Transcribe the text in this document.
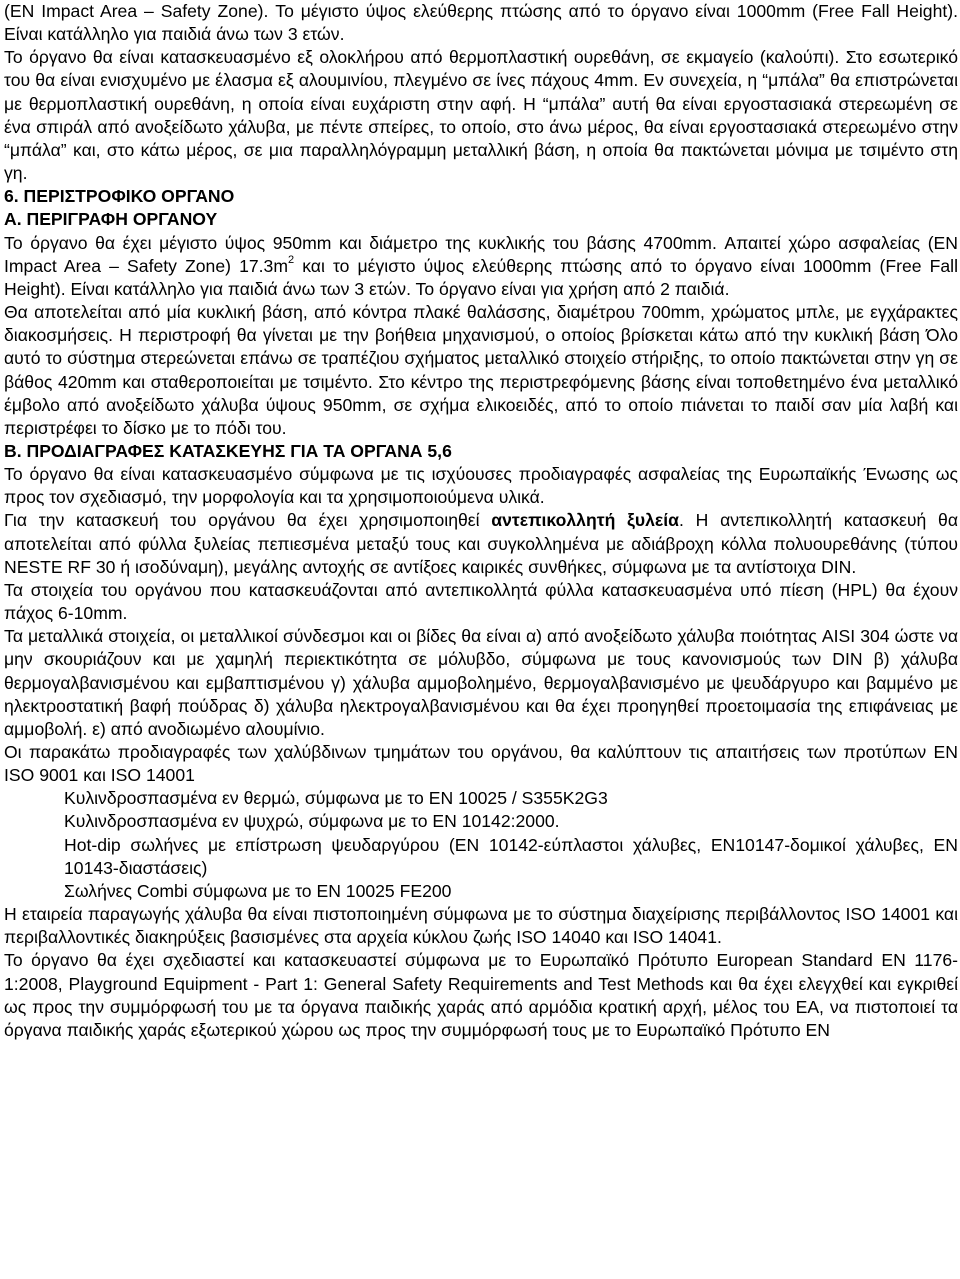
(EN Impact Area – Safety Zone). Το μέγιστο ύψος ελεύθερης πτώσης από το όργανο είναι 1000mm (Free Fall Height). Είναι κατάλληλο για παιδιά άνω των 3 ετών.

Το όργανο θα είναι κατασκευασμένο εξ ολοκλήρου από θερμοπλαστική ουρεθάνη, σε εκμαγείο (καλούπι). Στο εσωτερικό του θα είναι ενισχυμένο με έλασμα εξ αλουμινίου, πλεγμένο σε ίνες πάχους 4mm. Εν συνεχεία, η “μπάλα” θα επιστρώνεται με θερμοπλαστική ουρεθάνη, η οποία είναι ευχάριστη στην αφή. Η “μπάλα” αυτή θα είναι εργοστασιακά στερεωμένη σε ένα σπιράλ από ανοξείδωτο χάλυβα, με πέντε σπείρες, το οποίο, στο άνω μέρος, θα είναι εργοστασιακά στερεωμένο στην “μπάλα” και, στο κάτω μέρος, σε μια παραλληλόγραμμη μεταλλική βάση, η οποία θα πακτώνεται μόνιμα με τσιμέντο στη γη.

6. ΠΕΡΙΣΤΡΟΦΙΚΟ ΟΡΓΑΝΟ

Α. ΠΕΡΙΓΡΑΦΗ ΟΡΓΑΝΟΥ

Το όργανο θα έχει μέγιστο ύψος 950mm και διάμετρο της κυκλικής του βάσης 4700mm. Απαιτεί χώρο ασφαλείας (EN Impact Area – Safety Zone) $17.3m^2$ και το μέγιστο ύψος ελεύθερης πτώσης από το όργανο είναι 1000mm (Free Fall Height). Είναι κατάλληλο για παιδιά άνω των 3 ετών. Το όργανο είναι για χρήση από 2 παιδιά.

Θα αποτελείται από μία κυκλική βάση, από κόντρα πλακέ θαλάσσης, διαμέτρου 700mm, χρώματος μπλε, με εγχάρακτες διακοσμήσεις. Η περιστροφή θα γίνεται με την βοήθεια μηχανισμού, ο οποίος βρίσκεται κάτω από την κυκλική βάση Όλο αυτό το σύστημα στερεώνεται επάνω σε τραπέζιου σχήματος μεταλλικό στοιχείο στήριξης, το οποίο πακτώνεται στην γη σε βάθος 420mm και σταθεροποιείται με τσιμέντο. Στο κέντρο της περιστρεφόμενης βάσης είναι τοποθετημένο ένα μεταλλικό έμβολο από ανοξείδωτο χάλυβα ύψους 950mm, σε σχήμα ελικοειδές, από το οποίο πιάνεται το παιδί σαν μία λαβή και περιστρέφει το δίσκο με το πόδι του.

Β. ΠΡΟΔΙΑΓΡΑΦΕΣ ΚΑΤΑΣΚΕΥΗΣ ΓΙΑ ΤΑ ΟΡΓΑΝΑ 5,6

Το όργανο θα είναι κατασκευασμένο σύμφωνα με τις ισχύουσες προδιαγραφές ασφαλείας της Ευρωπαϊκής Ένωσης ως προς τον σχεδιασμό, την μορφολογία και τα χρησιμοποιούμενα υλικά.

Για την κατασκευή του οργάνου θα έχει χρησιμοποιηθεί αντεπικολλητή ξυλεία. Η αντεπικολλητή κατασκευή θα αποτελείται από φύλλα ξυλείας πεπιεσμένα μεταξύ τους και συγκολλημένα με αδιάβροχη κόλλα πολυουρεθάνης (τύπου NESTE RF 30 ή ισοδύναμη), μεγάλης αντοχής σε αντίξοες καιρικές συνθήκες, σύμφωνα με τα αντίστοιχα DIN.

Τα στοιχεία του οργάνου που κατασκευάζονται από αντεπικολλητά φύλλα κατασκευασμένα υπό πίεση (HPL) θα έχουν πάχος 6-10mm.

Τα μεταλλικά στοιχεία, οι μεταλλικοί σύνδεσμοι και οι βίδες θα είναι α) από ανοξείδωτο χάλυβα ποιότητας AISI 304 ώστε να μην σκουριάζουν και με χαμηλή περιεκτικότητα σε μόλυβδο, σύμφωνα με τους κανονισμούς των DIN β) χάλυβα θερμογαλβανισμένου και εμβαπτισμένου γ) χάλυβα αμμοβολημένο, θερμογαλβανισμένο με ψευδάργυρο και βαμμένο με ηλεκτροστατική βαφή πούδρας δ) χάλυβα ηλεκτρογαλβανισμένου και θα έχει προηγηθεί προετοιμασία της επιφάνειας με αμμοβολή. ε) από ανοδιωμένο αλουμίνιο.

Οι παρακάτω προδιαγραφές των χαλύβδινων τμημάτων του οργάνου, θα καλύπτουν τις απαιτήσεις των προτύπων EN ISO 9001 και ISO 14001

Κυλινδροσπασμένα εν θερμώ, σύμφωνα με το EN 10025 / S355K2G3

Κυλινδροσπασμένα εν ψυχρώ, σύμφωνα με το EN 10142:2000.

Hot-dip σωλήνες με επίστρωση ψευδαργύρου (EN 10142-εύπλαστοι χάλυβες, EN10147-δομικοί χάλυβες, EN 10143-διαστάσεις)

Σωλήνες Combi σύμφωνα με το EN 10025 FE200

Η εταιρεία παραγωγής χάλυβα θα είναι πιστοποιημένη σύμφωνα με το σύστημα διαχείρισης περιβάλλοντος ISO 14001 και περιβαλλοντικές διακηρύξεις βασισμένες στα αρχεία κύκλου ζωής ISO 14040 και ISO 14041.

Το όργανο θα έχει σχεδιαστεί και κατασκευαστεί σύμφωνα με το Ευρωπαϊκό Πρότυπο European Standard EN 1176-1:2008, Playground Equipment - Part 1: General Safety Requirements and Test Methods και θα έχει ελεγχθεί και εγκριθεί ως προς την συμμόρφωσή του με τα όργανα παιδικής χαράς από αρμόδια κρατική αρχή, μέλος του EA, να πιστοποιεί τα όργανα παιδικής χαράς εξωτερικού χώρου ως προς την συμμόρφωσή τους με το Ευρωπαϊκό Πρότυπο EN
